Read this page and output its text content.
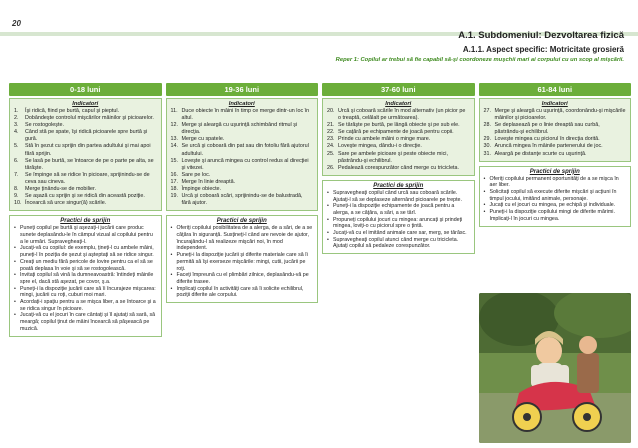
20
A.1. Subdomeniul: Dezvoltarea fizică
A.1.1. Aspect specific: Motricitate grosieră
Reper 1: Copilul ar trebui să fie capabil să-şi coordoneze muşchii mari ai corpului cu un scop al mişcării.
0-18 luni
Indicatori
1.	Îşi ridică, fiind pe burtă, capul şi pieptul.
2.	Dobândeşte controlul mişcărilor mâinilor şi picioarelor.
3.	Se rostogoleşte.
4.	Când stă pe spate, îşi ridică picioarele spre burtă şi gură.
5.	Stă în şezut cu sprijin din partea adultului şi mai apoi fără sprijin.
6.	Se lasă pe burtă, se întoarce de pe o parte pe alta, se târăşte.
7.	Se împinge să se ridice în picioare, sprijinindu-se de ceva sau cineva.
8.	Merge ţinându-se de mobilier.
9.	Se aşază cu sprijin şi se ridică din această poziţie.
10. Încearcă să urce singur(ă) scările.
Practici de sprijin
• Puneţi copilul pe burtă şi aşezaţi-i jucării care produc sunete deplasându-le în câmpul vizual al copilului pentru a le urmări. Supravegheaţi-l.
• Jucaţi-vă cu copilul: de exemplu, ţineţi-l cu ambele mâini, puneţi-l în poziţia de şezut şi aşteptaţi să se ridice singur.
• Creaţi un mediu fără pericole de lovire pentru ca el să se poată deplasa în voie şi să se rostogolească.
• Invitaţi copilul să vină la dumneavoastră: întindeţi mâinile spre el, dacă stă aşezat, pe covor, ş.a.
• Puneţi-i la dispoziţie jucării care să îi încurajeze mişcarea: mingi, jucării cu roţi, cuburi moi mari.
• Acordaţi-i spaţiu pentru a se mişca liber, a se întoarce şi a se ridica singur în picioare.
• Jucaţi-vă cu el jocuri în care cântaţi şi îl ajutaţi să sară, să meargă; copilul ţinut de mâini încearcă să păşească pe muzică.
19-36 luni
Indicatori
11. Duce obiecte în mâini în timp ce merge dintr-un loc în altul.
12. Merge şi aleargă cu uşurinţă schimbând ritmul şi direcţia.
13. Merge cu spatele.
14. Se urcă şi coboară din pat sau din fotoliu fără ajutorul adultului.
15. Loveşte şi aruncă mingea cu control redus al direcţiei şi vitezei.
16. Sare pe loc.
17. Merge în linie dreaptă.
18. Împinge obiecte.
19. Urcă şi coboară scări, sprijinindu-se de balustradă, fără ajutor.
Practici de sprijin
• Oferiţi copilului posibilitatea de a alerga, de a sări, de a se căţăra în siguranţă. Susţineţi-l când are nevoie de ajutor, încurajându-l să realizeze mişcări noi, în mod independent.
• Puneţi-i la dispoziţie jucării şi diferite materiale care să îi permită să îşi exerseze mişcările: mingi, cutii, jucării pe roţi.
• Faceţi împreună cu el plimbări zilnice, deplasându-vă pe diferite trasee.
• Implicaţi copilul în activităţi care să îi solicite echilibrul, poziţii diferite ale corpului.
37-60 luni
Indicatori
20. Urcă şi coboară scările în mod alternativ (un picior pe o treaptă, celălalt pe următoarea).
21. Se târăşte pe burtă, pe lângă obiecte şi pe sub ele.
22. Se caţără pe echipamente de joacă pentru copii.
23. Prinde cu ambele mâini o minge mare.
24. Loveşte mingea, dându-i o direcţie.
25. Sare pe ambele picioare şi peste obiecte mici, păstrându-şi echilibrul.
26. Pedalează corespunzător când merge cu tricicleta.
Practici de sprijin
• Supravegheaţi copilul când urcă sau coboară scările. Ajutaţi-l să se deplaseze alternând picioarele pe trepte.
• Puneţi-i la dispoziţie echipamente de joacă pentru a alerga, a se căţăra, a sări, a se târî.
• Propuneţi copilului jocuri cu mingea: aruncaţi şi prindeţi mingea, loviţi-o cu piciorul spre o ţintă.
• Jucaţi-vă cu el imitând animale care sar, merg, se târăsc.
• Supravegheaţi copilul atunci când merge cu tricicleta. Ajutaţi copilul să pedaleze corespunzător.
61-84 luni
Indicatori
27. Merge şi aleargă cu uşurinţă, coordonându-şi mişcările mâinilor şi picioarelor.
28. Se deplasează pe o linie dreaptă sau curbă, păstrându-şi echilibrul.
29. Loveşte mingea cu piciorul în direcţia dorită.
30. Aruncă mingea în mâinile partenerului de joc.
31. Aleargă pe distanţe scurte cu uşurinţă.
Practici de sprijin
• Oferiţi copilului permanent oportunităţi de a se mişca în aer liber.
• Solicitaţi copilul să execute diferite mişcări şi acţiuni în timpul jocului, imitând animale, personaje.
• Jucaţi cu el jocuri cu mingea, pe echipă şi individuale.
• Puneţi-i la dispoziţie copilului mingi de diferite mărimi. Implicaţi-l în jocuri cu mingea.
